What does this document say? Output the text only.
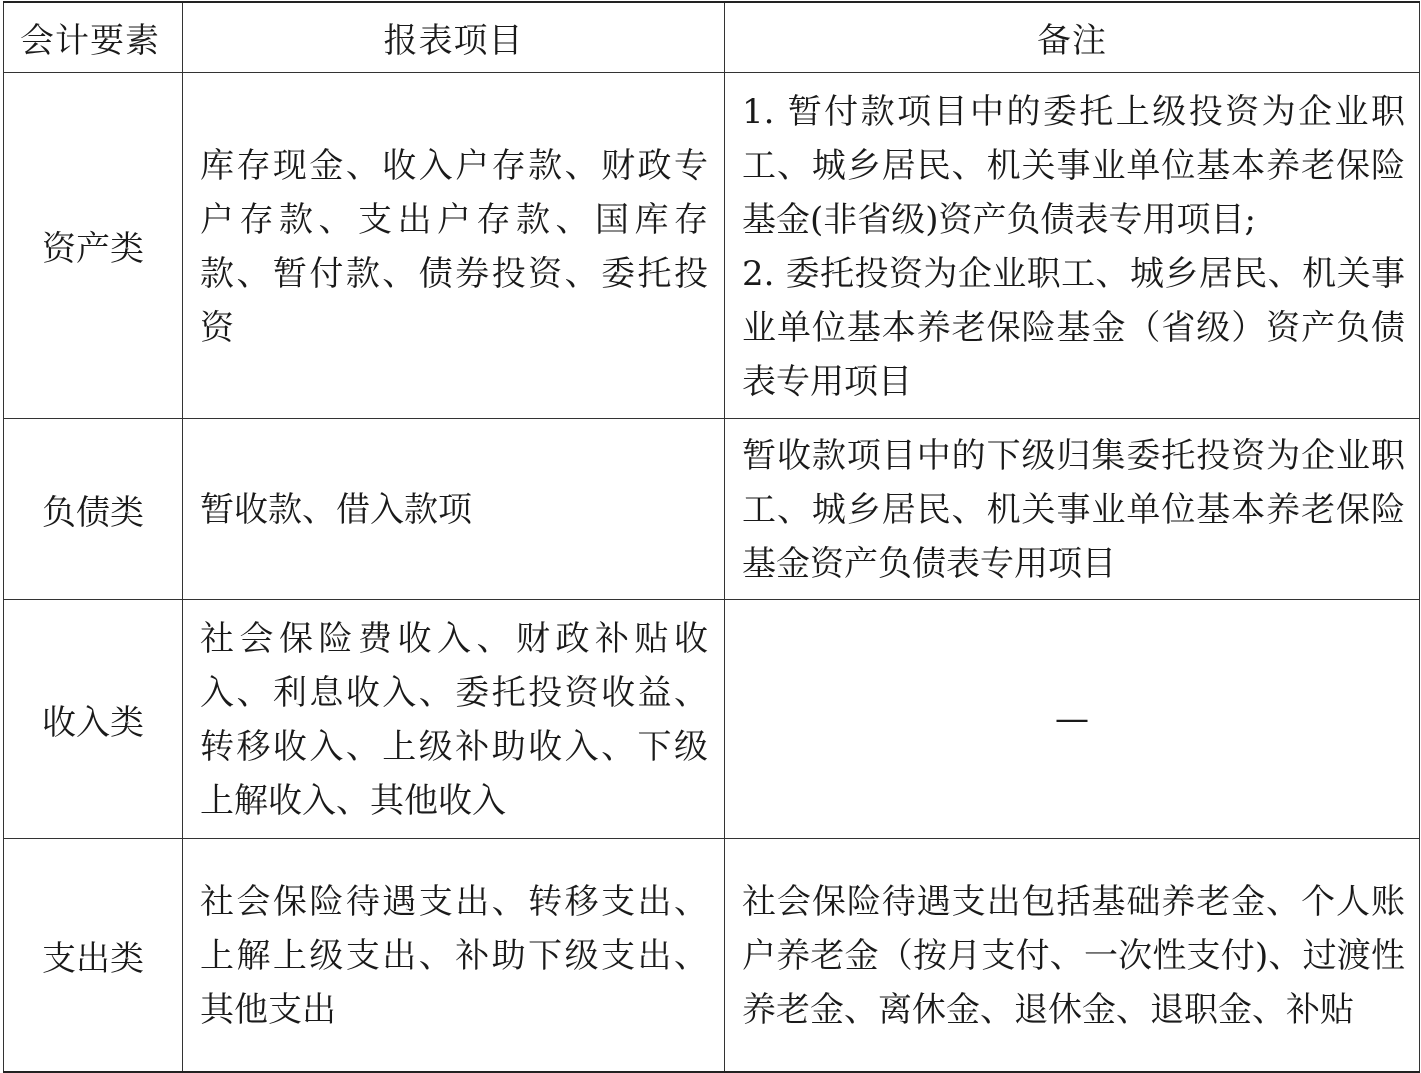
会计要素	报表项目	备注
资产类	库存现金、收入户存款、财政专户存款、支出户存款、国库存款、暂付款、债券投资、委托投资	1. 暂付款项目中的委托上级投资为企业职工、城乡居民、机关事业单位基本养老保险基金(非省级)资产负债表专用项目;
2. 委托投资为企业职工、城乡居民、机关事业单位基本养老保险基金（省级）资产负债表专用项目

负债类	暂收款、借入款项	暂收款项目中的下级归集委托投资为企业职工、城乡居民、机关事业单位基本养老保险基金资产负债表专用项目

收入类	社会保险费收入、财政补贴收入、利息收入、委托投资收益、转移收入、上级补助收入、下级上解收入、其他收入	—
支出类	社会保险待遇支出、转移支出、上解上级支出、补助下级支出、其他支出	社会保险待遇支出包括基础养老金、个人账户养老金（按月支付、一次性支付)、过渡性养老金、离休金、退休金、退职金、补贴
